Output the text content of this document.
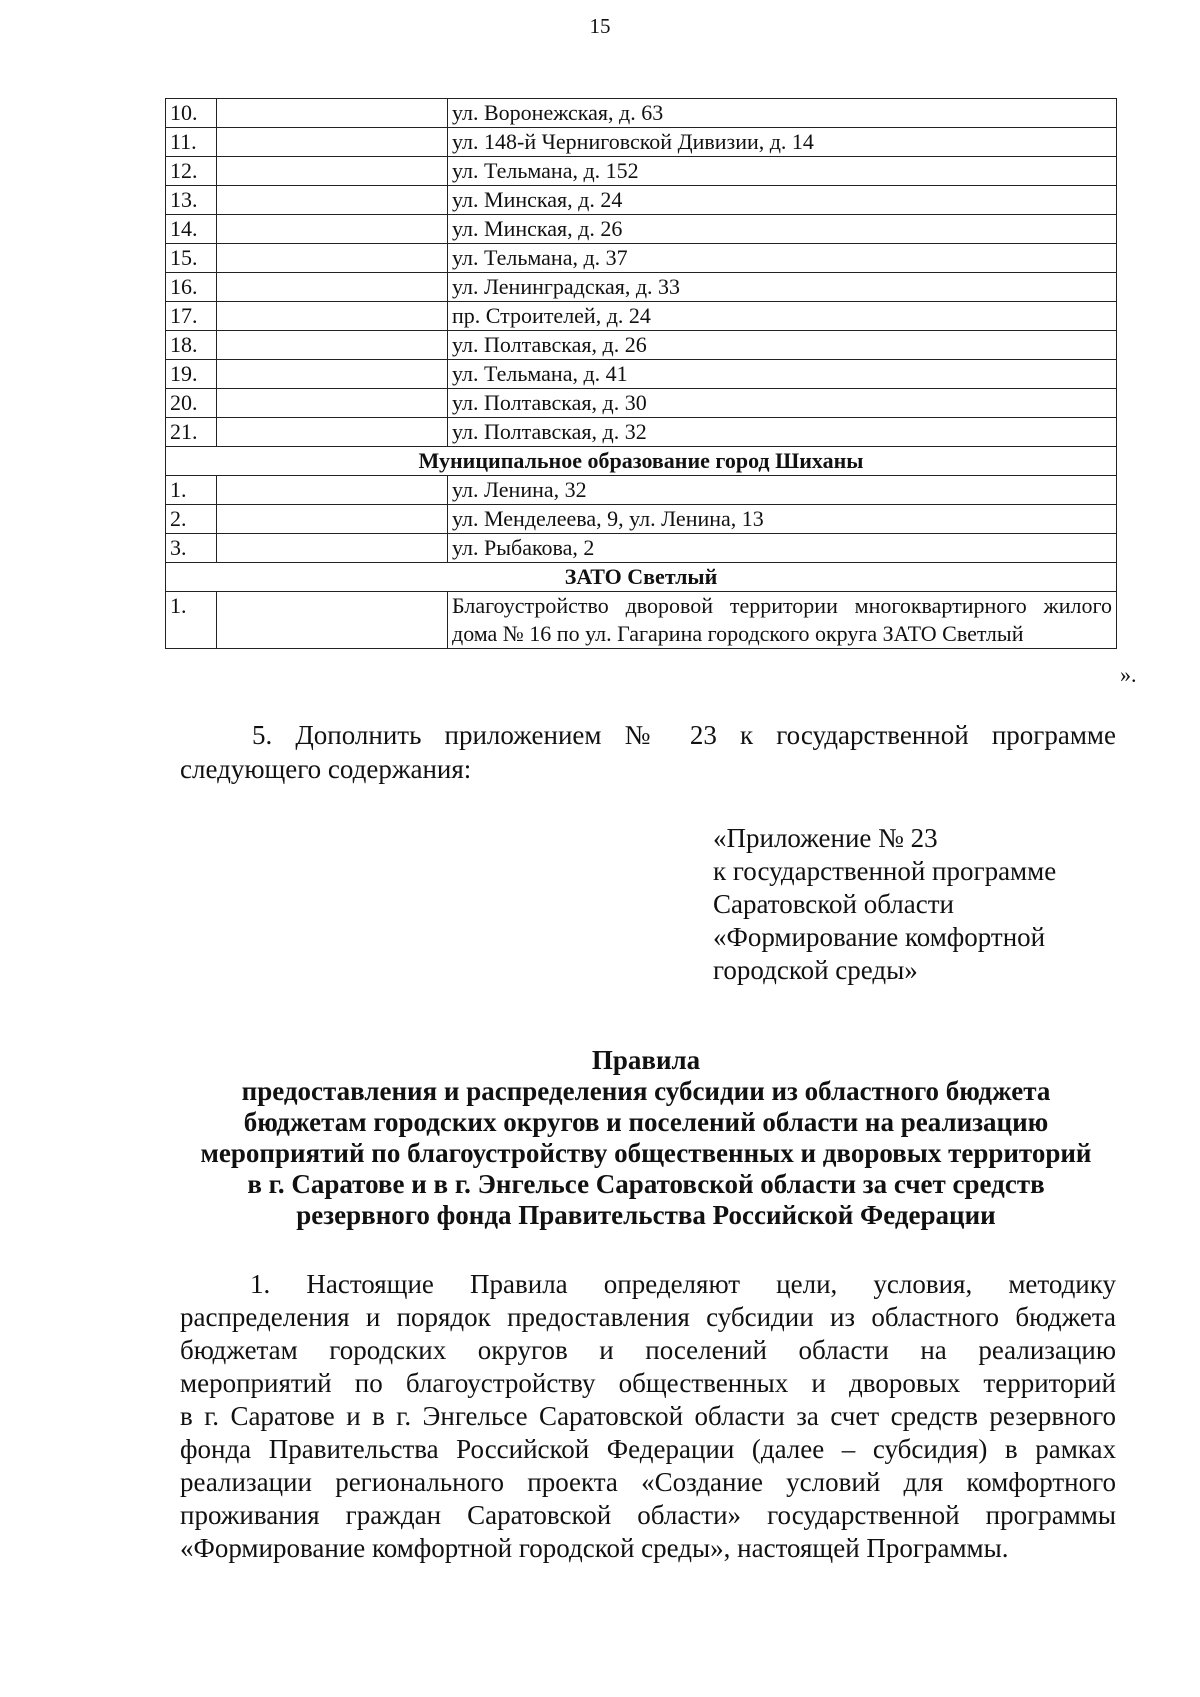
15
10.		ул. Воронежская, д. 63
11.		ул. 148-й Черниговской Дивизии, д. 14
12.		ул. Тельмана, д. 152
13.		ул. Минская, д. 24
14.		ул. Минская, д. 26
15.		ул. Тельмана, д. 37
16.		ул. Ленинградская, д. 33
17.		пр. Строителей, д. 24
18.		ул. Полтавская, д. 26
19.		ул. Тельмана, д. 41
20.		ул. Полтавская, д. 30
21.		ул. Полтавская, д. 32
Муниципальное образование город Шиханы		
1.		ул. Ленина, 32
2.		ул. Менделеева, 9, ул. Ленина, 13
3.		ул. Рыбакова, 2
ЗАТО Светлый		
1.		Благоустройство дворовой территории многоквартирного жилого дома № 16 по ул. Гагарина городского округа ЗАТО Светлый
».
5. Дополнить приложением № 23 к государственной программе
следующего содержания:
«Приложение № 23
к государственной программе
Саратовской области
«Формирование комфортной
городской среды»
Правила
предоставления и распределения субсидии из областного бюджета
бюджетам городских округов и поселений области на реализацию
мероприятий по благоустройству общественных и дворовых территорий
в г. Саратове и в г. Энгельсе Саратовской области за счет средств
резервного фонда Правительства Российской Федерации
1. Настоящие Правила определяют цели, условия, методику
распределения и порядок предоставления субсидии из областного бюджета
бюджетам городских округов и поселений области на реализацию
мероприятий по благоустройству общественных и дворовых территорий
в г. Саратове и в г. Энгельсе Саратовской области за счет средств резервного
фонда Правительства Российской Федерации (далее – субсидия) в рамках
реализации регионального проекта «Создание условий для комфортного
проживания граждан Саратовской области» государственной программы
«Формирование комфортной городской среды», настоящей Программы.
